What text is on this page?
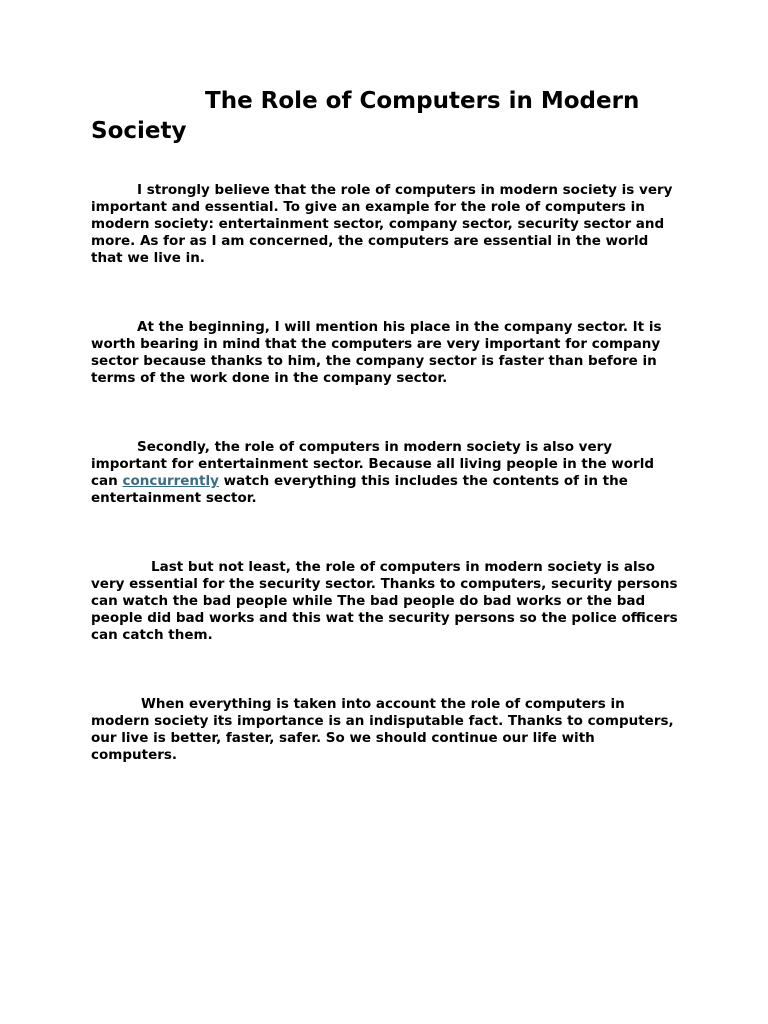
The Role of Computers in Modern Society

I strongly believe that the role of computers in modern society is very important and essential. To give an example for the role of computers in modern society: entertainment sector, company sector, security sector and more. As for as I am concerned, the computers are essential in the world that we live in.

At the beginning, I will mention his place in the company sector. It is worth bearing in mind that the computers are very important for company sector because thanks to him, the company sector is faster than before in terms of the work done in the company sector.

Secondly, the role of computers in modern society is also very important for entertainment sector. Because all living people in the world can concurrently watch everything this includes the contents of in the entertainment sector.

Last but not least, the role of computers in modern society is also very essential for the security sector. Thanks to computers, security persons can watch the bad people while The bad people do bad works or the bad people did bad works and this wat the security persons so the police officers can catch them.

When everything is taken into account the role of computers in modern society its importance is an indisputable fact. Thanks to computers, our live is better, faster, safer. So we should continue our life with computers.
